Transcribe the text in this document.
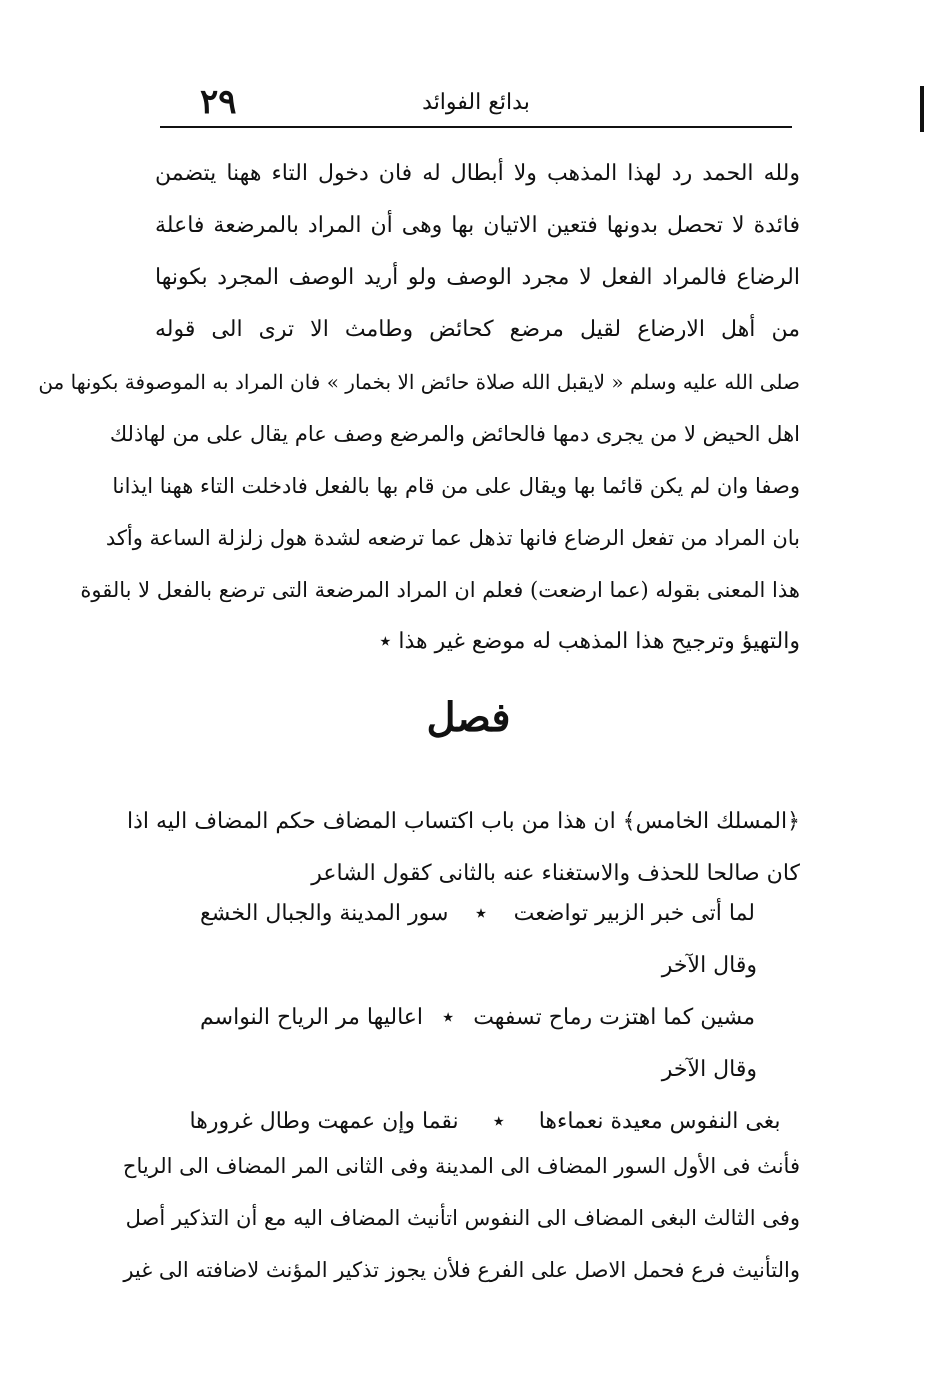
٢٩	بدائع الفوائد
ولله الحمد رد لهذا المذهب ولا أبطال له فان دخول التاء ههنا يتضمن
فائدة لا تحصل بدونها فتعين الاتيان بها وهى أن المراد بالمرضعة فاعلة
الرضاع فالمراد الفعل لا مجرد الوصف ولو أريد الوصف المجرد بكونها
من أهل الارضاع لقيل مرضع كحائض وطامث الا ترى الى قوله
صلى الله عليه وسلم « لايقبل الله صلاة حائض الا بخمار » فان المراد به الموصوفة بكونها من
اهل الحيض لا من يجرى دمها فالحائض والمرضع وصف عام يقال على من لهاذلك
وصفا وان لم يكن قائما بها ويقال على من قام بها بالفعل فادخلت التاء ههنا ايذانا
بان المراد من تفعل الرضاع فانها تذهل عما ترضعه لشدة هول زلزلة الساعة وأكد
هذا المعنى بقوله (عما ارضعت) فعلم ان المراد المرضعة التى ترضع بالفعل لا بالقوة
والتهيؤ وترجيح هذا المذهب له موضع غير هذا ٭
فصل
﴿المسلك الخامس﴾ ان هذا من باب اكتساب المضاف حكم المضاف اليه اذا
كان صالحا للحذف والاستغناء عنه بالثانى كقول الشاعر
لما أتى خبر الزبير تواضعت
٭
سور المدينة والجبال الخشع
وقال الآخر
مشين كما اهتزت رماح تسفهت
٭
اعاليها مر الرياح النواسم
وقال الآخر
بغى النفوس معيدة نعماءها
٭
نقما وإن عمهت وطال غرورها
فأنث فى الأول السور المضاف الى المدينة وفى الثانى المر المضاف الى الرياح
وفى الثالث البغى المضاف الى النفوس اتأنيث المضاف اليه مع أن التذكير أصل
والتأنيث فرع فحمل الاصل على الفرع فلأن يجوز تذكير المؤنث لاضافته الى غير
